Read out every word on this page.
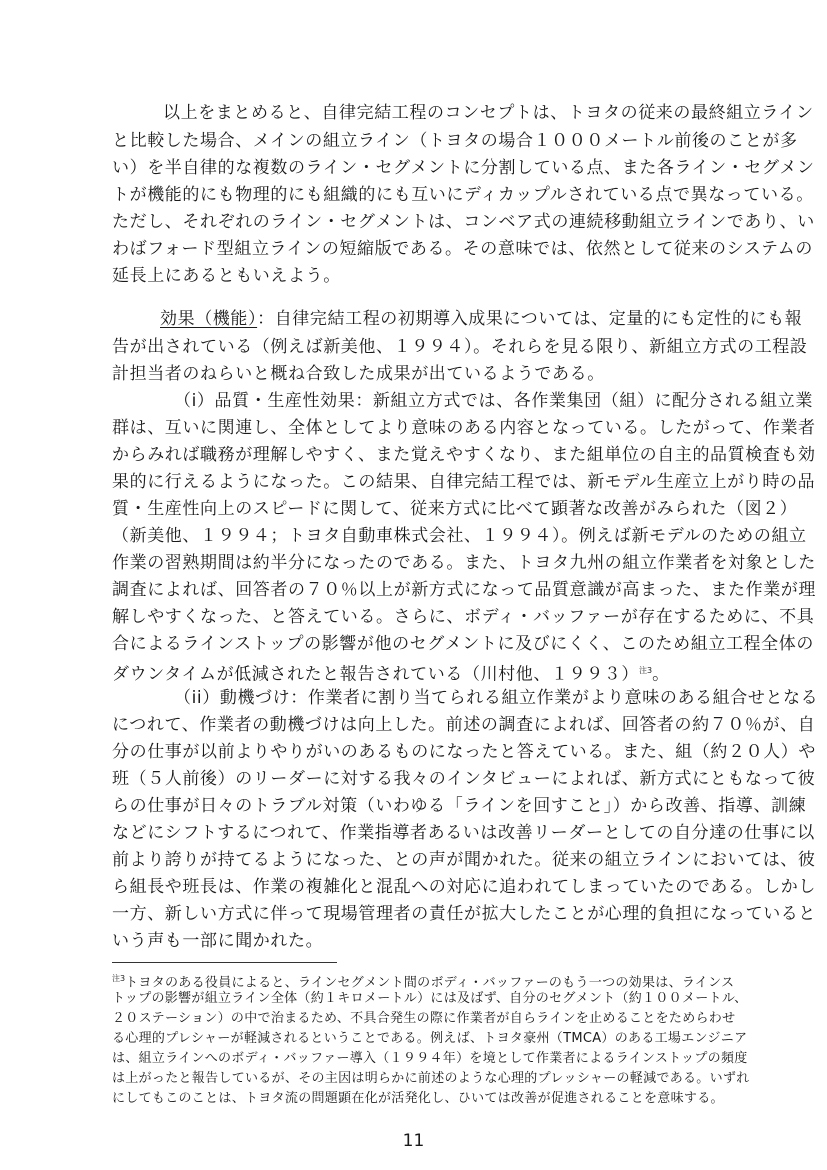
以上をまとめると、自律完結工程のコンセプトは、トヨタの従来の最終組立ライン

と比較した場合、メインの組立ライン（トヨタの場合１０００メートル前後のことが多

い）を半自律的な複数のライン・セグメントに分割している点、また各ライン・セグメン

トが機能的にも物理的にも組織的にも互いにディカップルされている点で異なっている。

ただし、それぞれのライン・セグメントは、コンベア式の連続移動組立ラインであり、い

わばフォード型組立ラインの短縮版である。その意味では、依然として従来のシステムの

延長上にあるともいえよう。

効果（機能）：自律完結工程の初期導入成果については、定量的にも定性的にも報

告が出されている（例えば新美他、１９９４）。それらを見る限り、新組立方式の工程設

計担当者のねらいと概ね合致した成果が出ているようである。

（i）品質・生産性効果：新組立方式では、各作業集団（組）に配分される組立業

群は、互いに関連し、全体としてより意味のある内容となっている。したがって、作業者

からみれば職務が理解しやすく、また覚えやすくなり、また組単位の自主的品質検査も効

果的に行えるようになった。この結果、自律完結工程では、新モデル生産立上がり時の品

質・生産性向上のスピードに関して、従来方式に比べて顕著な改善がみられた（図２）

（新美他、１９９４；トヨタ自動車株式会社、１９９４）。例えば新モデルのための組立

作業の習熟期間は約半分になったのである。また、トヨタ九州の組立作業者を対象とした

調査によれば、回答者の７０％以上が新方式になって品質意識が高まった、また作業が理

解しやすくなった、と答えている。さらに、ボディ・バッファーが存在するために、不具

合によるラインストップの影響が他のセグメントに及びにくく、このため組立工程全体の

ダウンタイムが低減されたと報告されている（川村他、１９９３）$^{注3}$。

（ii）動機づけ：作業者に割り当てられる組立作業がより意味のある組合せとなる

につれて、作業者の動機づけは向上した。前述の調査によれば、回答者の約７０％が、自

分の仕事が以前よりやりがいのあるものになったと答えている。また、組（約２０人）や

班（５人前後）のリーダーに対する我々のインタビューによれば、新方式にともなって彼

らの仕事が日々のトラブル対策（いわゆる「ラインを回すこと」）から改善、指導、訓練

などにシフトするにつれて、作業指導者あるいは改善リーダーとしての自分達の仕事に以

前より誇りが持てるようになった、との声が聞かれた。従来の組立ラインにおいては、彼

ら組長や班長は、作業の複雑化と混乱への対応に追われてしまっていたのである。しかし

一方、新しい方式に伴って現場管理者の責任が拡大したことが心理的負担になっていると

いう声も一部に聞かれた。

$^{注3}$トヨタのある役員によると、ラインセグメント間のボディ・バッファーのもう一つの効果は、ラインス

トップの影響が組立ライン全体（約１キロメートル）には及ばず、自分のセグメント（約１００メートル、

２０ステーション）の中で治まるため、不具合発生の際に作業者が自らラインを止めることをためらわせ

る心理的プレシャーが軽減されるということである。例えば、トヨタ豪州（TMCA）のある工場エンジニア

は、組立ラインへのボディ・バッファー導入（１９９４年）を境として作業者によるラインストップの頻度

は上がったと報告しているが、その主因は明らかに前述のような心理的プレッシャーの軽減である。いずれ

にしてもこのことは、トヨタ流の問題顕在化が活発化し、ひいては改善が促進されることを意味する。

11
